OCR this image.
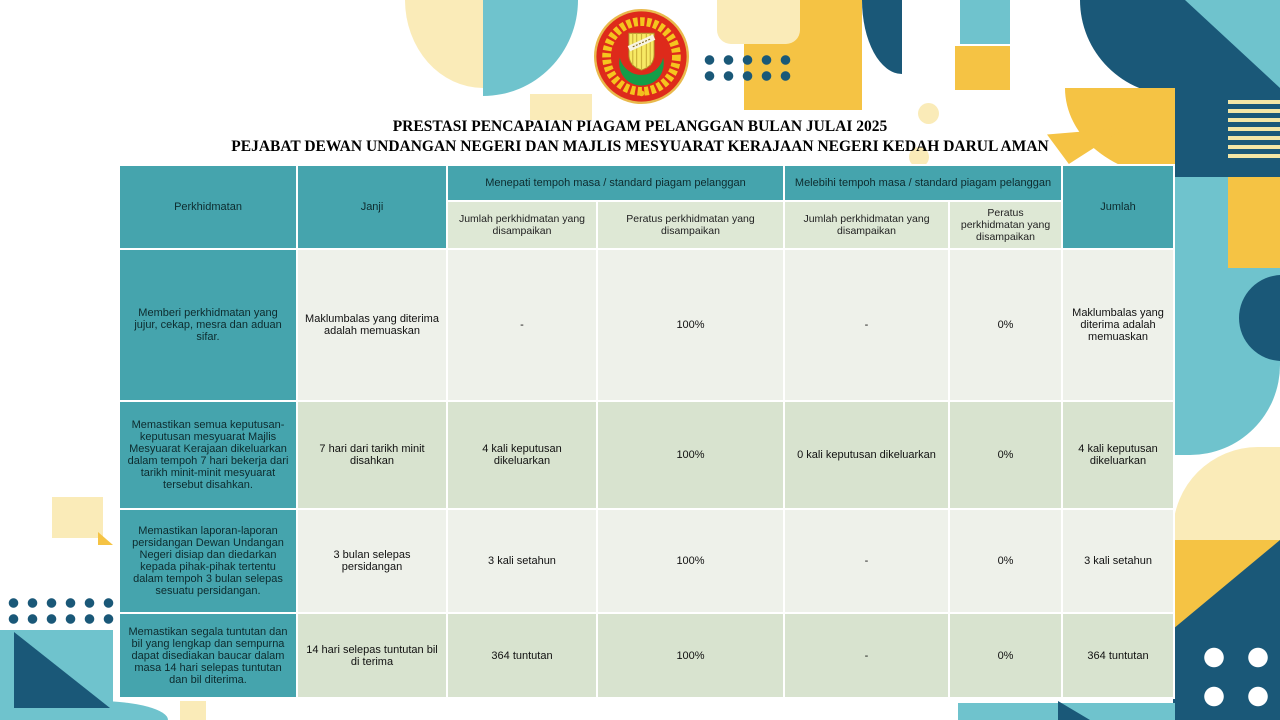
PRESTASI PENCAPAIAN PIAGAM PELANGGAN BULAN JULAI 2025
PEJABAT DEWAN UNDANGAN NEGERI DAN MAJLIS MESYUARAT KERAJAAN NEGERI KEDAH DARUL AMAN
Perkhidmatan	Janji	Menepati tempoh masa / standard piagam pelanggan		Melebihi tempoh masa / standard piagam pelanggan		Jumlah
		Jumlah perkhidmatan yang disampaikan	Peratus perkhidmatan yang disampaikan	Jumlah perkhidmatan yang disampaikan	Peratus perkhidmatan yang disampaikan	
Memberi perkhidmatan yang jujur, cekap, mesra dan aduan sifar.	Maklumbalas yang diterima adalah memuaskan	-	100%	-	0%	Maklumbalas yang diterima adalah memuaskan
Memastikan semua keputusan-keputusan mesyuarat Majlis Mesyuarat Kerajaan dikeluarkan dalam tempoh 7 hari bekerja dari tarikh minit-minit mesyuarat tersebut disahkan.	7 hari dari tarikh minit disahkan	4 kali keputusan dikeluarkan	100%	0 kali keputusan dikeluarkan	0%	4 kali keputusan dikeluarkan
Memastikan laporan-laporan persidangan Dewan Undangan Negeri disiap dan diedarkan kepada pihak-pihak tertentu dalam tempoh 3 bulan selepas sesuatu persidangan.	3 bulan selepas persidangan	3 kali setahun	100%	-	0%	3 kali setahun
Memastikan segala tuntutan dan bil yang lengkap dan sempurna dapat disediakan baucar dalam masa 14 hari selepas tuntutan dan bil diterima.	14 hari selepas tuntutan bil di terima	364 tuntutan	100%	-	0%	364 tuntutan
